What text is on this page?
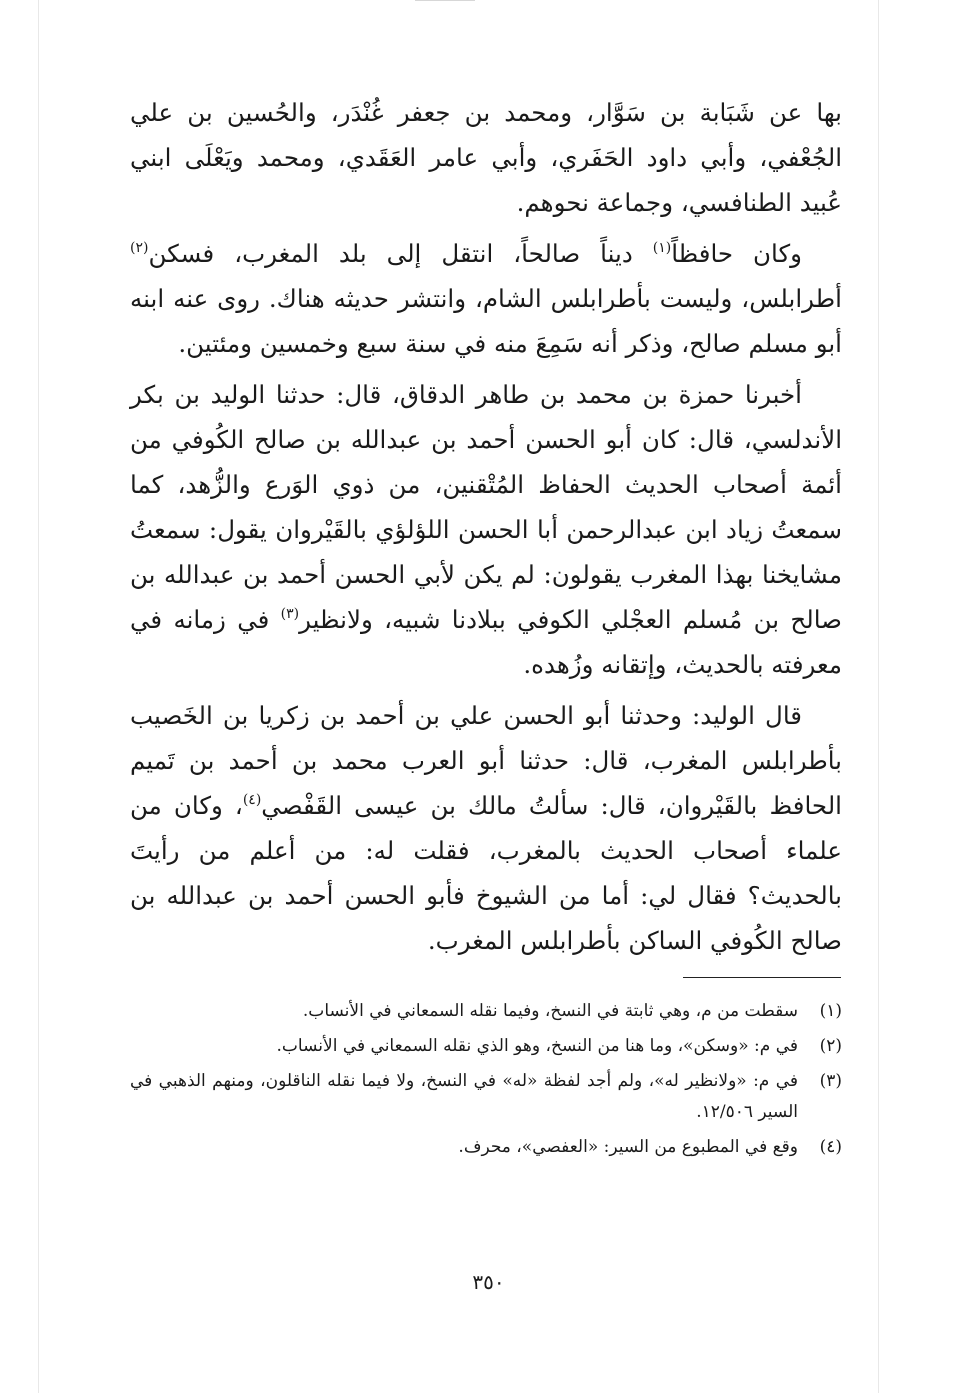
بها عن شَبَابة بن سَوَّار، ومحمد بن جعفر غُنْدَر، والحُسين بن علي الجُعْفي، وأبي داود الحَفَري، وأبي عامر العَقَدي، ومحمد ويَعْلَى ابني عُبيد الطنافسي، وجماعة نحوهم.

وكان حافظاً$^{(١)}$ ديناً صالحاً، انتقل إلى بلد المغرب، فسكن$^{(٢)}$ أطرابلس، وليست بأطرابلس الشام، وانتشر حديثه هناك. روى عنه ابنه أبو مسلم صالح، وذكر أنه سَمِعَ منه في سنة سبع وخمسين ومئتين.

أخبرنا حمزة بن محمد بن طاهر الدقاق، قال: حدثنا الوليد بن بكر الأندلسي، قال: كان أبو الحسن أحمد بن عبدالله بن صالح الكُوفي من أئمة أصحاب الحديث الحفاظ المُتْقنين، من ذوي الوَرع والزُّهد، كما سمعتُ زياد ابن عبدالرحمن أبا الحسن اللؤلؤي بالقَيْروان يقول: سمعتُ مشايخنا بهذا المغرب يقولون: لم يكن لأبي الحسن أحمد بن عبدالله بن صالح بن مُسلم العجْلي الكوفي ببلادنا شبيه، ولانظير$^{(٣)}$ في زمانه في معرفته بالحديث، وإتقانه وزُهده.

قال الوليد: وحدثنا أبو الحسن علي بن أحمد بن زكريا بن الخَصيب بأطرابلس المغرب، قال: حدثنا أبو العرب محمد بن أحمد بن تَميم الحافظ بالقَيْروان، قال: سألتُ مالك بن عيسى القَفْصي$^{(٤)}$، وكان من علماء أصحاب الحديث بالمغرب، فقلت له: من أعلم من رأيتَ بالحديث؟ فقال لي: أما من الشيوخ فأبو الحسن أحمد بن عبدالله بن صالح الكُوفي الساكن بأطرابلس المغرب.

(١)
سقطت من م، وهي ثابتة في النسخ، وفيما نقله السمعاني في الأنساب.
(٢)
في م: «وسكن»، وما هنا من النسخ، وهو الذي نقله السمعاني في الأنساب.
(٣)
في م: «ولانظير له»، ولم أجد لفظة «له» في النسخ، ولا فيما نقله الناقلون، ومنهم الذهبي في السير ١٢/٥٠٦.
(٤)
وقع في المطبوع من السير: «العفصي»، محرف.
٣٥٠
